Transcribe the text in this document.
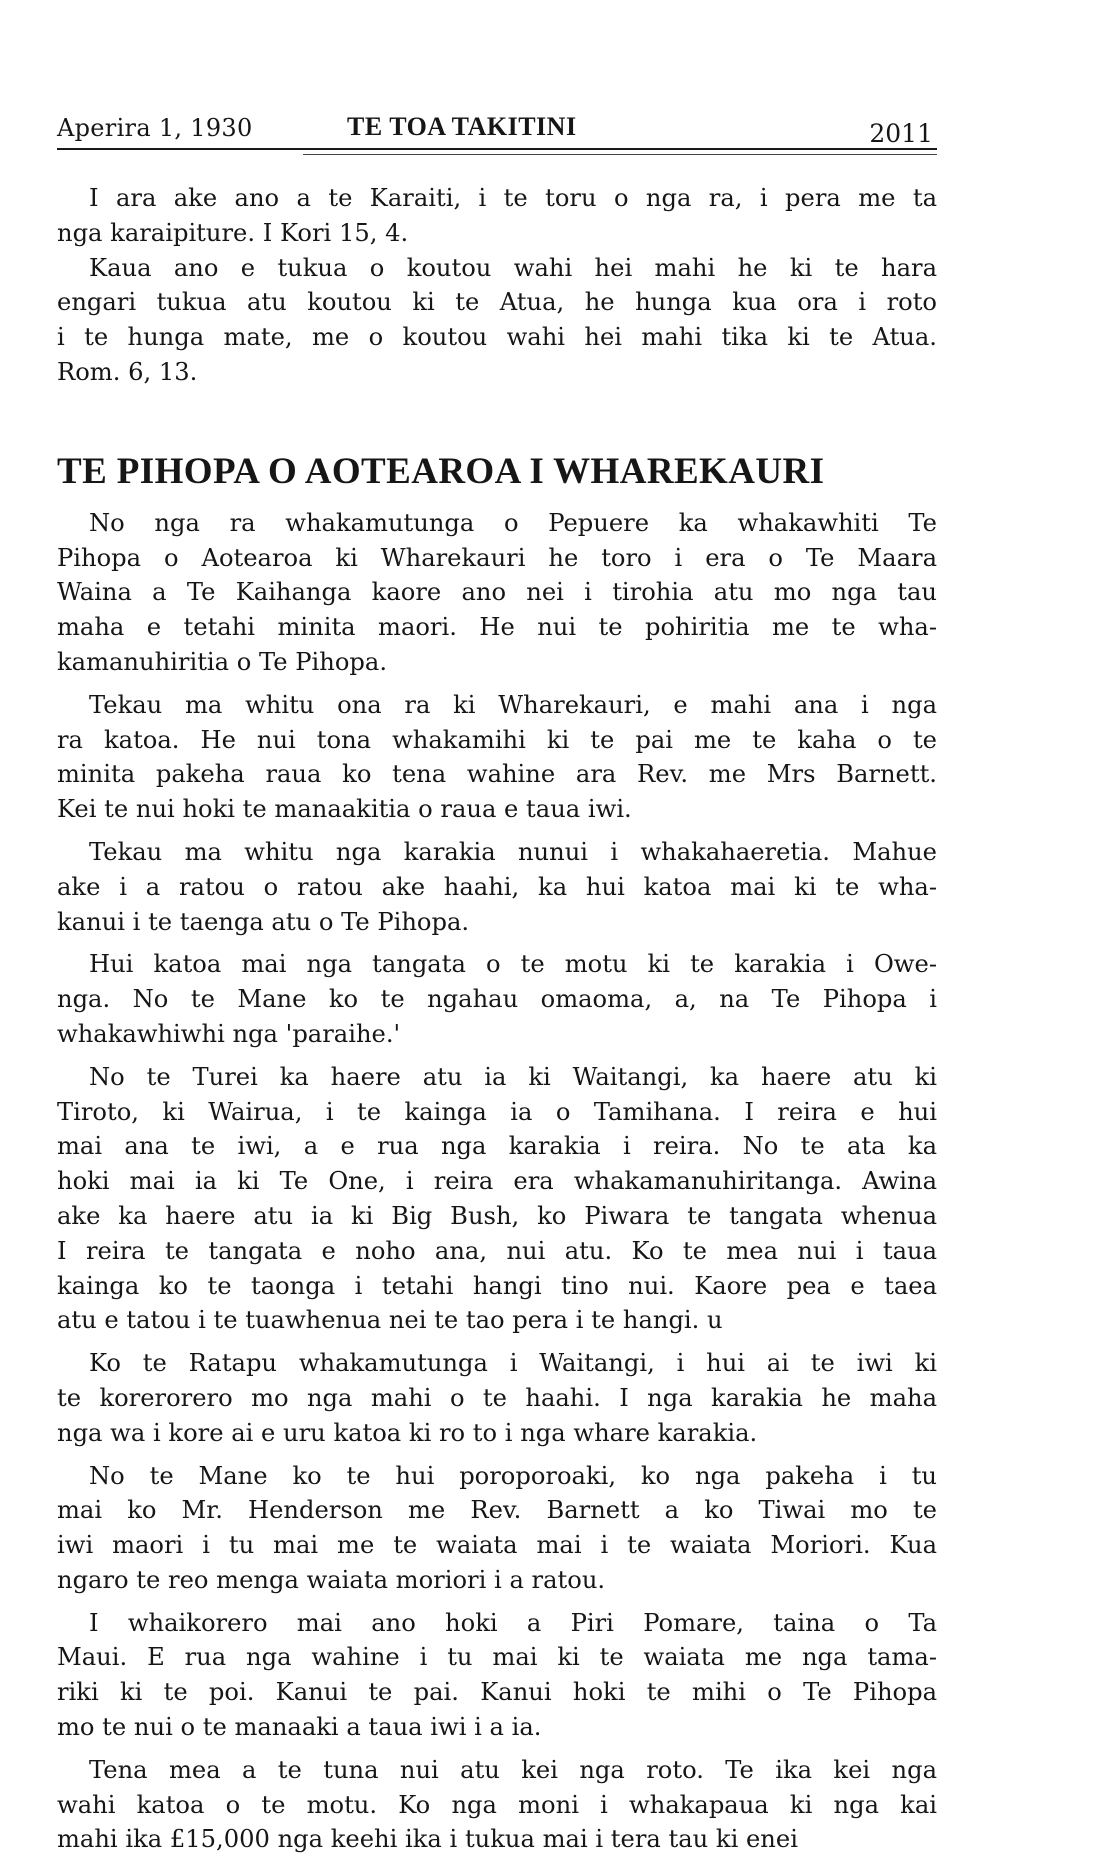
Aperira 1, 1930	TE TOA TAKITINI	2011

I ara ake ano a te Karaiti, i te toru o nga ra, i pera me ta
nga karaipiture. I Kori 15, 4.

Kaua ano e tukua o koutou wahi hei mahi he ki te hara
engari tukua atu koutou ki te Atua, he hunga kua ora i roto
i te hunga mate, me o koutou wahi hei mahi tika ki te Atua.
Rom. 6, 13.

TE PIHOPA O AOTEAROA I WHAREKAURI

No nga ra whakamutunga o Pepuere ka whakawhiti Te
Pihopa o Aotearoa ki Wharekauri he toro i era o Te Maara
Waina a Te Kaihanga kaore ano nei i tirohia atu mo nga tau
maha e tetahi minita maori. He nui te pohiritia me te wha-
kamanuhiritia o Te Pihopa.

Tekau ma whitu ona ra ki Wharekauri, e mahi ana i nga
ra katoa. He nui tona whakamihi ki te pai me te kaha o te
minita pakeha raua ko tena wahine ara Rev. me Mrs Barnett.
Kei te nui hoki te manaakitia o raua e taua iwi.

Tekau ma whitu nga karakia nunui i whakahaeretia. Mahue
ake i a ratou o ratou ake haahi, ka hui katoa mai ki te wha-
kanui i te taenga atu o Te Pihopa.

Hui katoa mai nga tangata o te motu ki te karakia i Owe-
nga. No te Mane ko te ngahau omaoma, a, na Te Pihopa i
whakawhiwhi nga 'paraihe.'

No te Turei ka haere atu ia ki Waitangi, ka haere atu ki
Tiroto, ki Wairua, i te kainga ia o Tamihana. I reira e hui
mai ana te iwi, a e rua nga karakia i reira. No te ata ka
hoki mai ia ki Te One, i reira era whakamanuhiritanga. Awina
ake ka haere atu ia ki Big Bush, ko Piwara te tangata whenua
I reira te tangata e noho ana, nui atu. Ko te mea nui i taua
kainga ko te taonga i tetahi hangi tino nui. Kaore pea e taea
atu e tatou i te tuawhenua nei te tao pera i te hangi. u

Ko te Ratapu whakamutunga i Waitangi, i hui ai te iwi ki
te korerorero mo nga mahi o te haahi. I nga karakia he maha
nga wa i kore ai e uru katoa ki ro to i nga whare karakia.

No te Mane ko te hui poroporoaki, ko nga pakeha i tu
mai ko Mr. Henderson me Rev. Barnett a ko Tiwai mo te
iwi maori i tu mai me te waiata mai i te waiata Moriori. Kua
ngaro te reo menga waiata moriori i a ratou.

I whaikorero mai ano hoki a Piri Pomare, taina o Ta
Maui. E rua nga wahine i tu mai ki te waiata me nga tama-
riki ki te poi. Kanui te pai. Kanui hoki te mihi o Te Pihopa
mo te nui o te manaaki a taua iwi i a ia.

Tena mea a te tuna nui atu kei nga roto. Te ika kei nga
wahi katoa o te motu. Ko nga moni i whakapaua ki nga kai
mahi ika £15,000 nga keehi ika i tukua mai i tera tau ki enei
